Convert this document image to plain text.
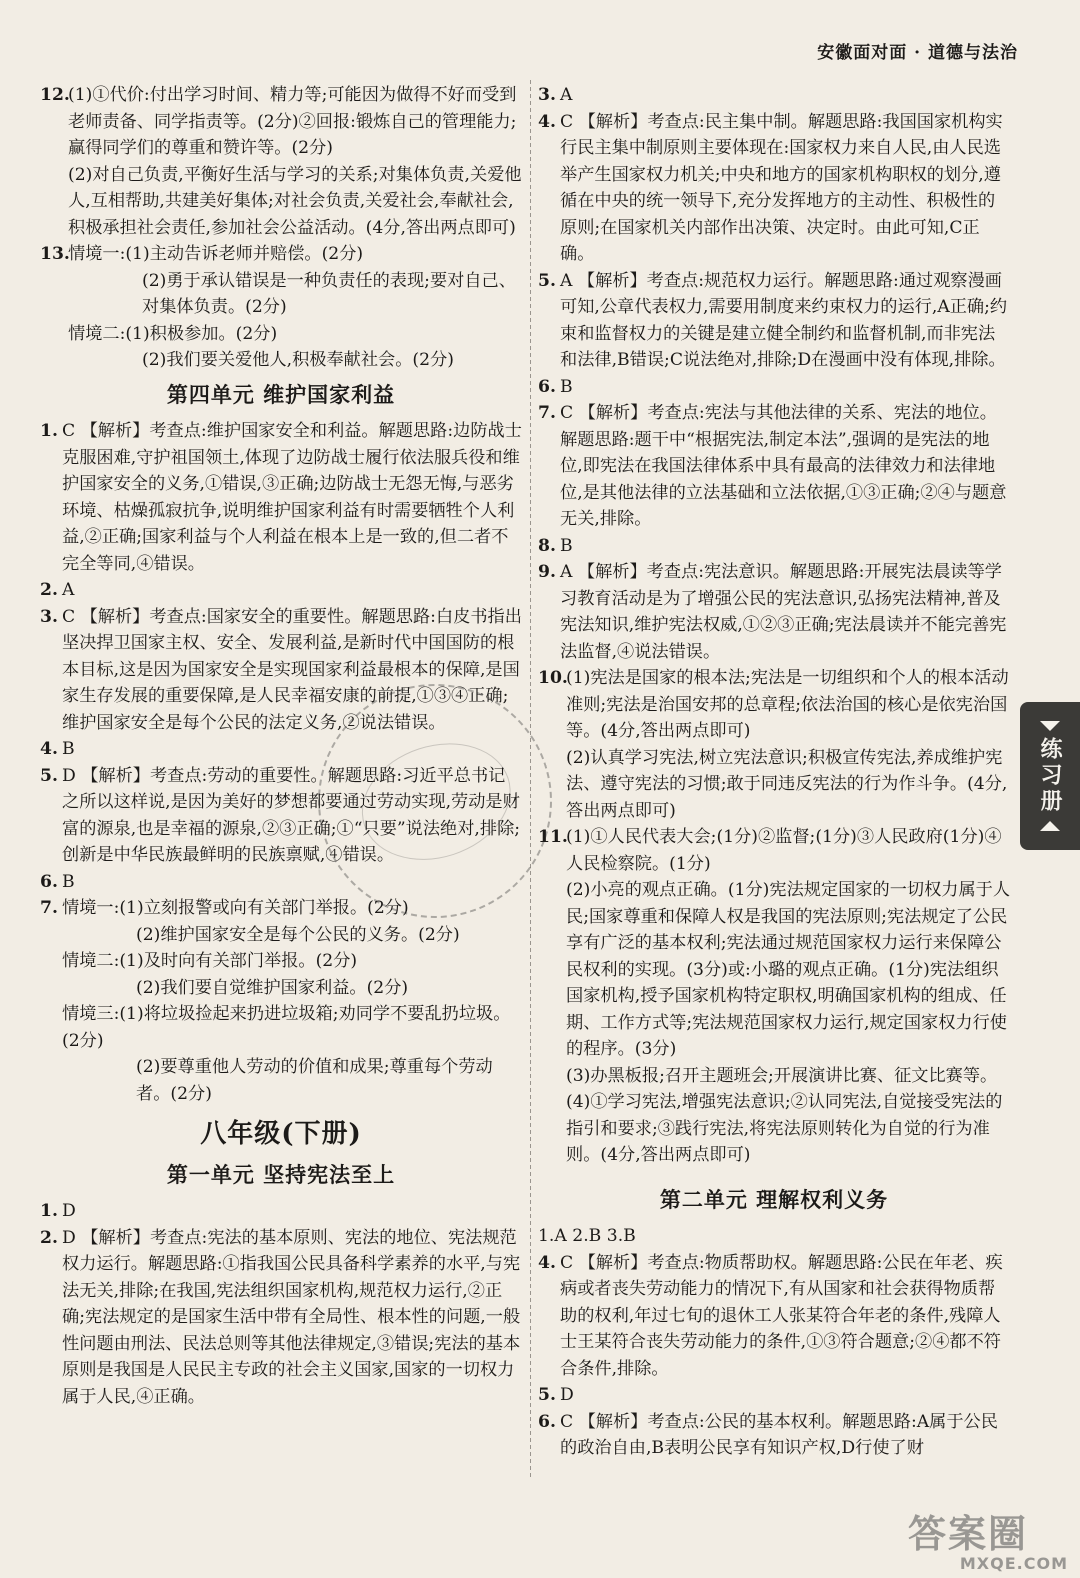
安徽面对面 · 道德与法治
12.

(1)①代价:付出学习时间、精力等;可能因为做得不好而受到老师责备、同学指责等。(2分)②回报:锻炼自己的管理能力;赢得同学们的尊重和赞许等。(2分)

(2)对自己负责,平衡好生活与学习的关系;对集体负责,关爱他人,互相帮助,共建美好集体;对社会负责,关爱社会,奉献社会,积极承担社会责任,参加社会公益活动。(4分,答出两点即可)

13.

情境一:(1)主动告诉老师并赔偿。(2分)

(2)勇于承认错误是一种负责任的表现;要对自己、对集体负责。(2分)

情境二:(1)积极参加。(2分)

(2)我们要关爱他人,积极奉献社会。(2分)

第四单元 维护国家利益
1. C 【解析】考查点:维护国家安全和利益。解题思路:边防战士克服困难,守护祖国领土,体现了边防战士履行依法服兵役和维护国家安全的义务,①错误,③正确;边防战士无怨无悔,与恶劣环境、枯燥孤寂抗争,说明维护国家利益有时需要牺牲个人利益,②正确;国家利益与个人利益在根本上是一致的,但二者不完全等同,④错误。

2. A

3. C 【解析】考查点:国家安全的重要性。解题思路:白皮书指出坚决捍卫国家主权、安全、发展利益,是新时代中国国防的根本目标,这是因为国家安全是实现国家利益最根本的保障,是国家生存发展的重要保障,是人民幸福安康的前提,①③④正确;维护国家安全是每个公民的法定义务,②说法错误。

4. B

5. D 【解析】考查点:劳动的重要性。解题思路:习近平总书记之所以这样说,是因为美好的梦想都要通过劳动实现,劳动是财富的源泉,也是幸福的源泉,②③正确;①“只要”说法绝对,排除;创新是中华民族最鲜明的民族禀赋,④错误。

6. B

7. 情境一:(1)立刻报警或向有关部门举报。(2分)

(2)维护国家安全是每个公民的义务。(2分)

情境二:(1)及时向有关部门举报。(2分)

(2)我们要自觉维护国家利益。(2分)

情境三:(1)将垃圾捡起来扔进垃圾箱;劝同学不要乱扔垃圾。(2分)

(2)要尊重他人劳动的价值和成果;尊重每个劳动者。(2分)

八年级(下册)
第一单元 坚持宪法至上
1. D

2. D 【解析】考查点:宪法的基本原则、宪法的地位、宪法规范权力运行。解题思路:①指我国公民具备科学素养的水平,与宪法无关,排除;在我国,宪法组织国家机构,规范权力运行,②正确;宪法规定的是国家生活中带有全局性、根本性的问题,一般性问题由刑法、民法总则等其他法律规定,③错误;宪法的基本原则是我国是人民民主专政的社会主义国家,国家的一切权力属于人民,④正确。

3. A

4. C 【解析】考查点:民主集中制。解题思路:我国国家机构实行民主集中制原则主要体现在:国家权力来自人民,由人民选举产生国家权力机关;中央和地方的国家机构职权的划分,遵循在中央的统一领导下,充分发挥地方的主动性、积极性的原则;在国家机关内部作出决策、决定时。由此可知,C正确。

5. A 【解析】考查点:规范权力运行。解题思路:通过观察漫画可知,公章代表权力,需要用制度来约束权力的运行,A正确;约束和监督权力的关键是建立健全制约和监督机制,而非宪法和法律,B错误;C说法绝对,排除;D在漫画中没有体现,排除。

6. B

7. C 【解析】考查点:宪法与其他法律的关系、宪法的地位。解题思路:题干中“根据宪法,制定本法”,强调的是宪法的地位,即宪法在我国法律体系中具有最高的法律效力和法律地位,是其他法律的立法基础和立法依据,①③正确;②④与题意无关,排除。

8. B

9. A 【解析】考查点:宪法意识。解题思路:开展宪法晨读等学习教育活动是为了增强公民的宪法意识,弘扬宪法精神,普及宪法知识,维护宪法权威,①②③正确;宪法晨读并不能完善宪法监督,④说法错误。

10.

(1)宪法是国家的根本法;宪法是一切组织和个人的根本活动准则;宪法是治国安邦的总章程;依法治国的核心是依宪治国等。(4分,答出两点即可)

(2)认真学习宪法,树立宪法意识;积极宣传宪法,养成维护宪法、遵守宪法的习惯;敢于同违反宪法的行为作斗争。(4分,答出两点即可)

11.

(1)①人民代表大会;(1分)②监督;(1分)③人民政府(1分)④人民检察院。(1分)

(2)小亮的观点正确。(1分)宪法规定国家的一切权力属于人民;国家尊重和保障人权是我国的宪法原则;宪法规定了公民享有广泛的基本权利;宪法通过规范国家权力运行来保障公民权利的实现。(3分)或:小璐的观点正确。(1分)宪法组织国家机构,授予国家机构特定职权,明确国家机构的组成、任期、工作方式等;宪法规范国家权力运行,规定国家权力行使的程序。(3分)

(3)办黑板报;召开主题班会;开展演讲比赛、征文比赛等。

(4)①学习宪法,增强宪法意识;②认同宪法,自觉接受宪法的指引和要求;③践行宪法,将宪法原则转化为自觉的行为准则。(4分,答出两点即可)

第二单元 理解权利义务

1.A 2.B 3.B

4. C 【解析】考查点:物质帮助权。解题思路:公民在年老、疾病或者丧失劳动能力的情况下,有从国家和社会获得物质帮助的权利,年过七旬的退休工人张某符合年老的条件,残障人士王某符合丧失劳动能力的条件,①③符合题意;②④都不符合条件,排除。

5. D

6. C 【解析】考查点:公民的基本权利。解题思路:A属于公民的政治自由,B表明公民享有知识产权,D行使了财

练习册
答案圈
MXQE.COM
